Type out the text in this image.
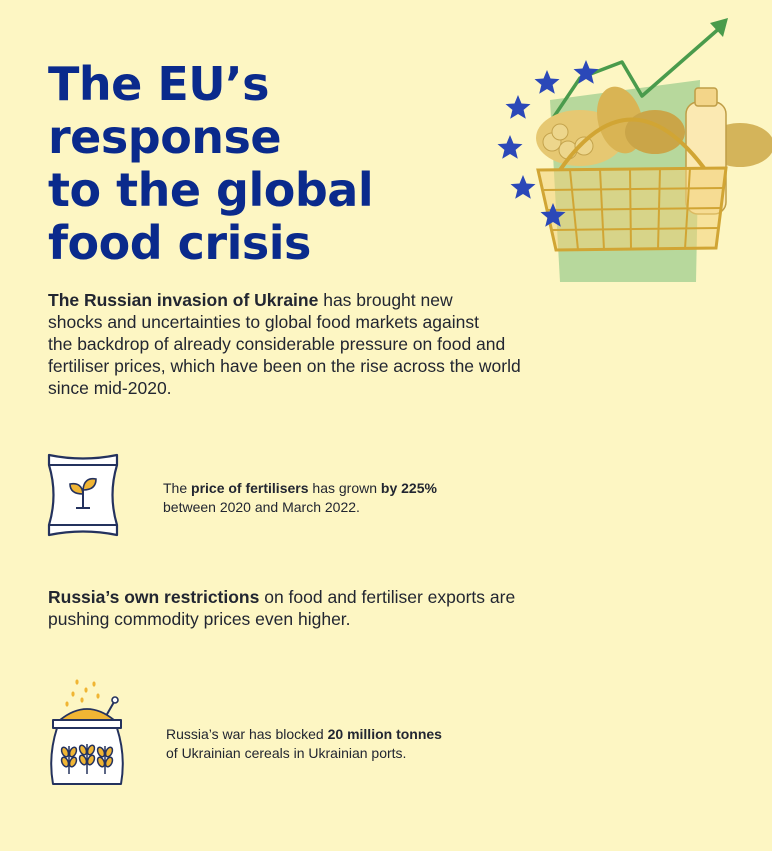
The EU’s response
to the global
food crisis
The Russian invasion of Ukraine has brought new
shocks and uncertainties to global food markets against
the backdrop of already considerable pressure on food and
fertiliser prices, which have been on the rise across the world
since mid-2020.
The price of fertilisers has grown by 225%
between 2020 and March 2022.
Russia’s own restrictions on food and fertiliser exports are
pushing commodity prices even higher.
Russia’s war has blocked 20 million tonnes
of Ukrainian cereals in Ukrainian ports.
